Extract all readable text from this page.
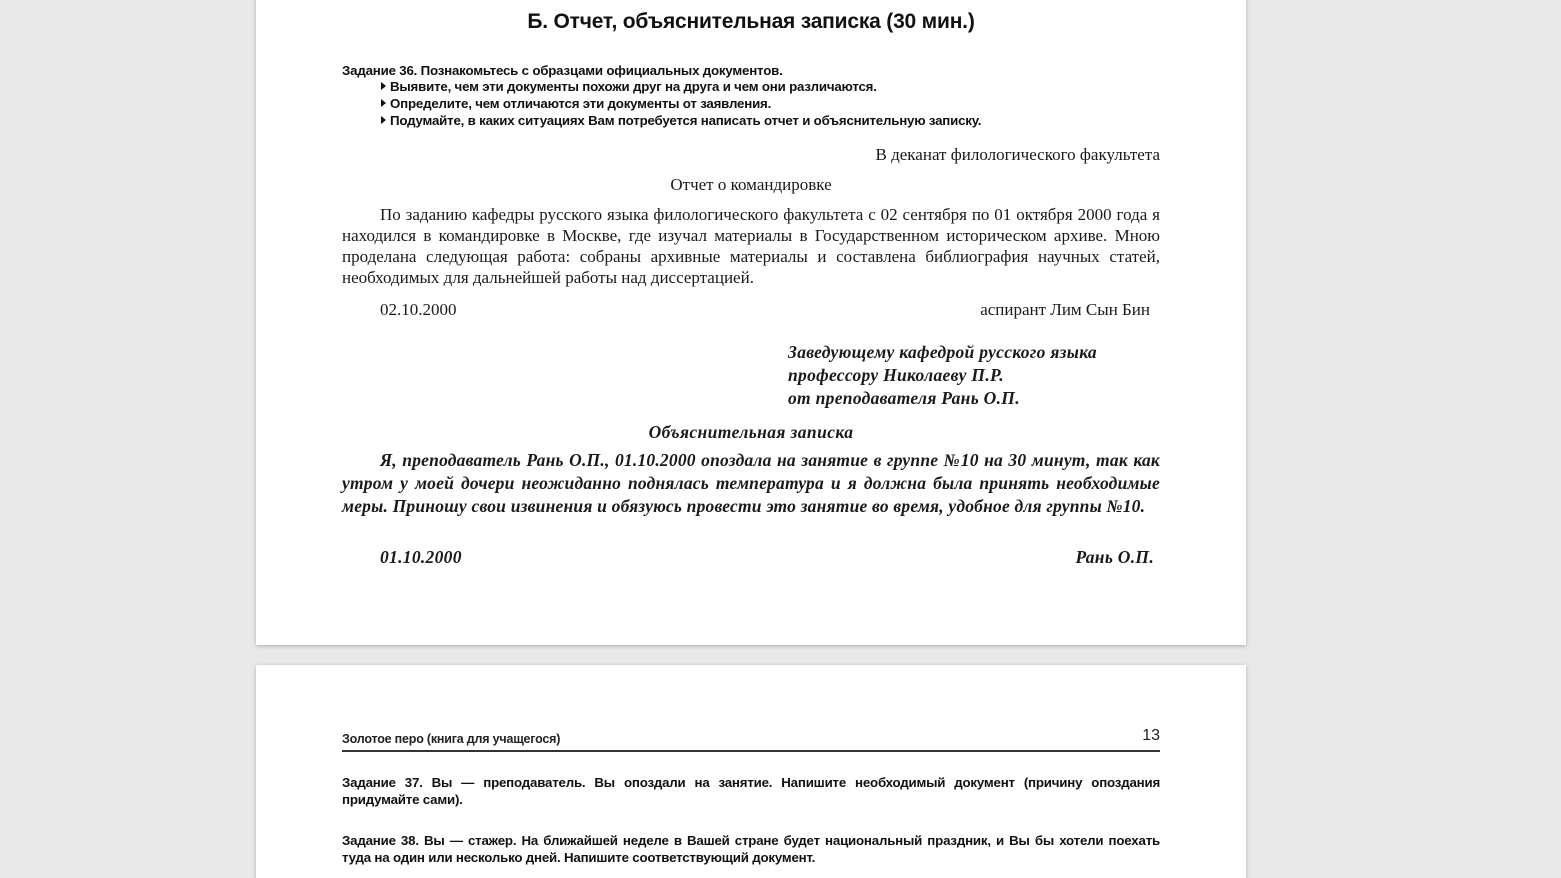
Б. Отчет, объяснительная записка (30 мин.)
Задание 36. Познакомьтесь с образцами официальных документов.
Выявите, чем эти документы похожи друг на друга и чем они различаются.
Определите, чем отличаются эти документы от заявления.
Подумайте, в каких ситуациях Вам потребуется написать отчет и объяснительную записку.
В деканат филологического факультета
Отчет о командировке
По заданию кафедры русского языка филологического факультета с 02 сентября по 01 октября 2000 года я находился в командировке в Москве, где изучал материалы в Государственном историческом архиве. Мною проделана следующая работа: собраны архивные материалы и составлена библиография научных статей, необходимых для дальнейшей работы над диссертацией.
02.10.2000	аспирант Лим Сын Бин
Заведующему кафедрой русского языка
профессору Николаеву П.Р.
от преподавателя Рань О.П.
Объяснительная записка
Я, преподаватель Рань О.П., 01.10.2000 опоздала на занятие в группе №10 на 30 минут, так как утром у моей дочери неожиданно поднялась температура и я должна была принять необходимые меры. Приношу свои извинения и обязуюсь провести это занятие во время, удобное для группы №10.
01.10.2000	Рань О.П.
Золотое перо (книга для учащегося)	13
Задание 37. Вы — преподаватель. Вы опоздали на занятие. Напишите необходимый документ (причину опоздания придумайте сами).
Задание 38. Вы — стажер. На ближайшей неделе в Вашей стране будет национальный праздник, и Вы бы хотели поехать туда на один или несколько дней. Напишите соответствующий документ.
